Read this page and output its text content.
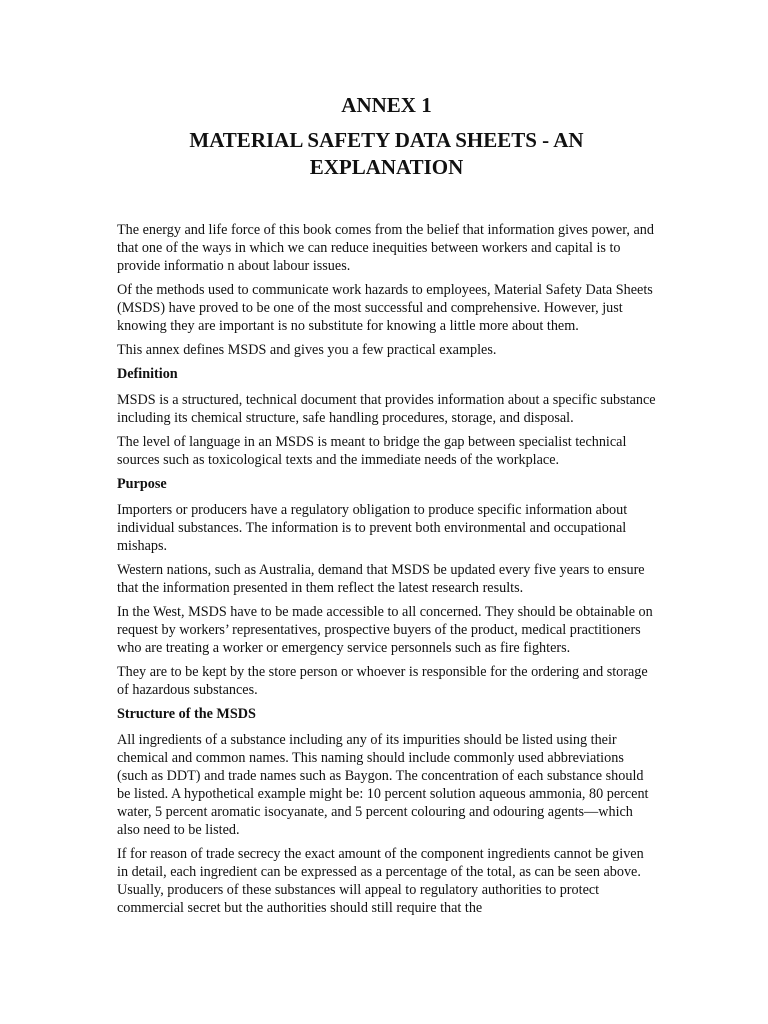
ANNEX 1
MATERIAL SAFETY DATA SHEETS - AN
EXPLANATION

The energy and life force of this book comes from the belief that information gives power, and that one of the ways in which we can reduce inequities between workers and capital is to provide informatio n about labour issues.

Of the methods used to communicate work hazards to employees, Material Safety Data Sheets (MSDS) have proved to be one of the most successful and comprehensive. However, just knowing they are important is no substitute for knowing a little more about them.

This annex defines MSDS and gives you a few practical examples.

Definition

MSDS is a structured, technical document that provides information about a specific substance including its chemical structure, safe handling procedures, storage, and disposal.

The level of language in an MSDS is meant to bridge the gap between specialist technical sources such as toxicological texts and the immediate needs of the workplace.

Purpose

Importers or producers have a regulatory obligation to produce specific information about individual substances. The information is to prevent both environmental and occupational mishaps.

Western nations, such as Australia, demand that MSDS be updated every five years to ensure that the information presented in them reflect the latest research results.

In the West, MSDS have to be made accessible to all concerned. They should be obtainable on request by workers’ representatives, prospective buyers of the product, medical practitioners who are treating a worker or emergency service personnels such as fire fighters.

They are to be kept by the store person or whoever is responsible for the ordering and storage of hazardous substances.

Structure of the MSDS

All ingredients of a substance including any of its impurities should be listed using their chemical and common names. This naming should include commonly used abbreviations (such as DDT) and trade names such as Baygon. The concentration of each substance should be listed. A hypothetical example might be: 10 percent solution aqueous ammonia, 80 percent water, 5 percent aromatic isocyanate, and 5 percent colouring and odouring agents—which also need to be listed.

If for reason of trade secrecy the exact amount of the component ingredients cannot be given in detail, each ingredient can be expressed as a percentage of the total, as can be seen above. Usually, producers of these substances will appeal to regulatory authorities to protect commercial secret but the authorities should still require that the
